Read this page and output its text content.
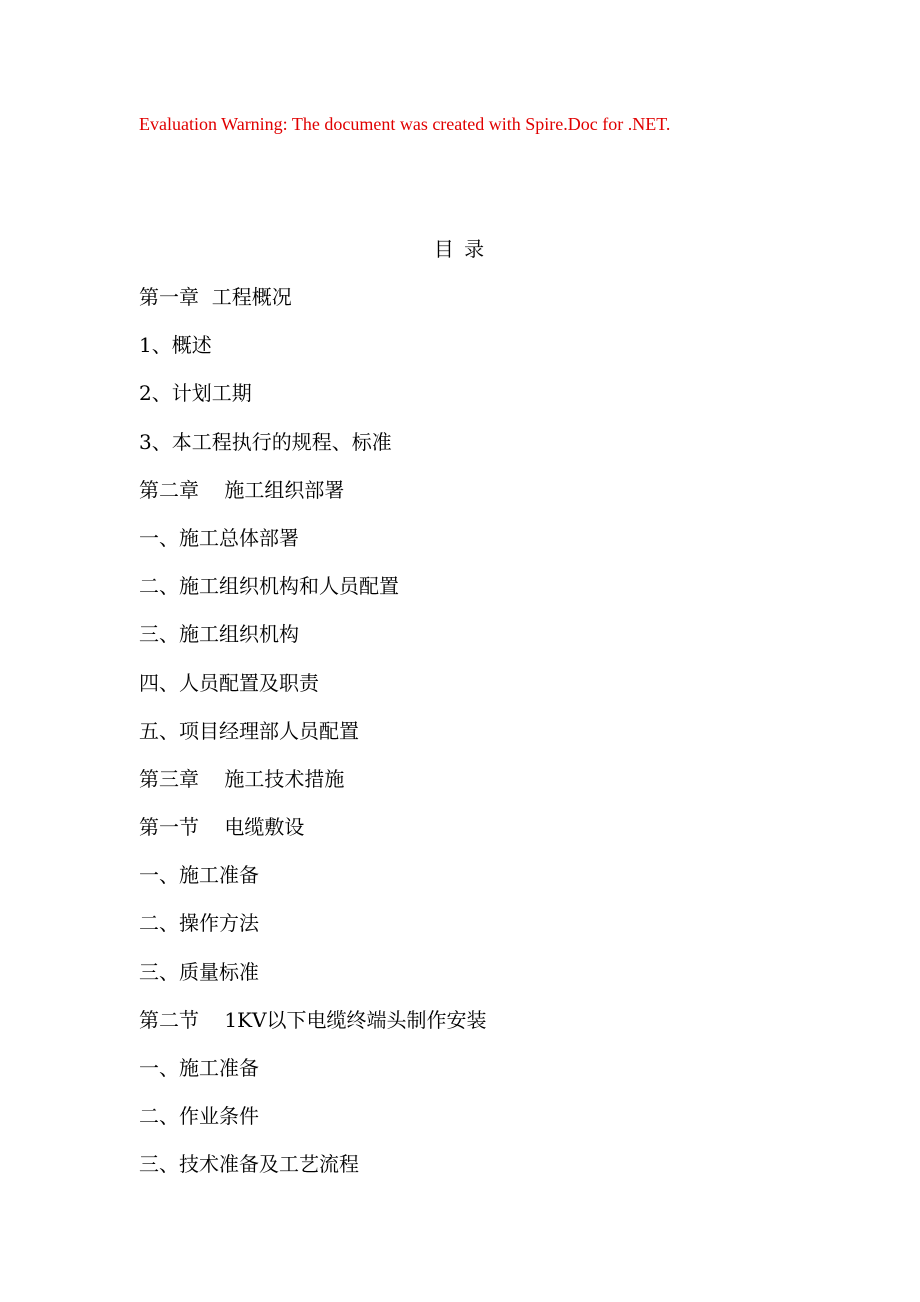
Evaluation Warning: The document was created with Spire.Doc for .NET.
目 录
第一章  工程概况
1、概述
2、计划工期
3、本工程执行的规程、标准
第二章    施工组织部署
一、施工总体部署
二、施工组织机构和人员配置
三、施工组织机构
四、人员配置及职责
五、项目经理部人员配置
第三章    施工技术措施
第一节    电缆敷设
一、施工准备
二、操作方法
三、质量标准
第二节    1KV以下电缆终端头制作安装
一、施工准备
二、作业条件
三、技术准备及工艺流程
